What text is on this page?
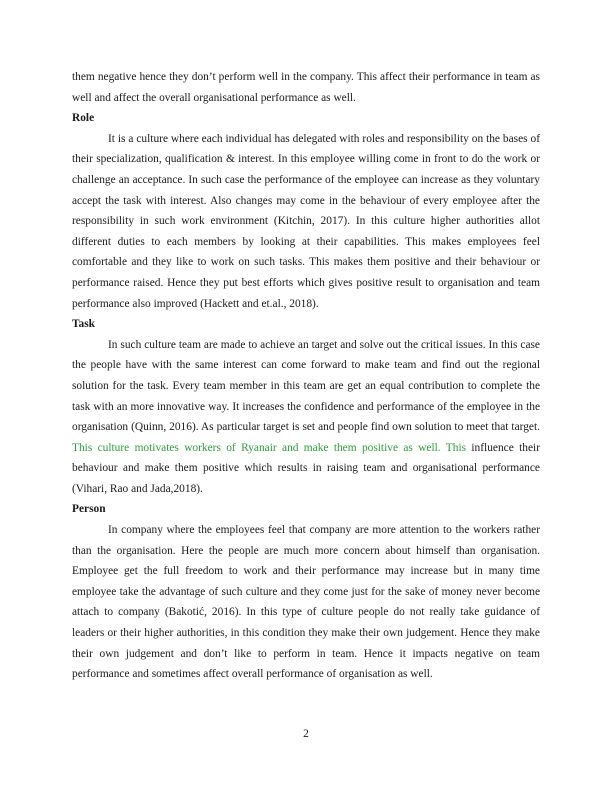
them negative hence they don’t perform well in the company. This affect their performance in team as well and affect the overall organisational performance as well.

Role

It is a culture where each individual has delegated with roles and responsibility on the bases of their specialization, qualification & interest. In this employee willing come in front to do the work or challenge an acceptance. In such case the performance of the employee can increase as they voluntary accept the task with interest. Also changes may come in the behaviour of every employee after the responsibility in such work environment (Kitchin, 2017). In this culture higher authorities allot different duties to each members by looking at their capabilities. This makes employees feel comfortable and they like to work on such tasks. This makes them positive and their behaviour or performance raised. Hence they put best efforts which gives positive result to organisation and team performance also improved (Hackett and et.al., 2018).

Task

In such culture team are made to achieve an target and solve out the critical issues. In this case the people have with the same interest can come forward to make team and find out the regional solution for the task. Every team member in this team are get an equal contribution to complete the task with an more innovative way. It increases the confidence and performance of the employee in the organisation (Quinn, 2016). As particular target is set and people find own solution to meet that target. This culture motivates workers of Ryanair and make them positive as well. This influence their behaviour and make them positive which results in raising team and organisational performance (Vihari, Rao and Jada,2018).

Person

In company where the employees feel that company are more attention to the workers rather than the organisation. Here the people are much more concern about himself than organisation. Employee get the full freedom to work and their performance may increase but in many time employee take the advantage of such culture and they come just for the sake of money never become attach to company (Bakotić, 2016). In this type of culture people do not really take guidance of leaders or their higher authorities, in this condition they make their own judgement. Hence they make their own judgement and don’t like to perform in team. Hence it impacts negative on team performance and sometimes affect overall performance of organisation as well.

2
